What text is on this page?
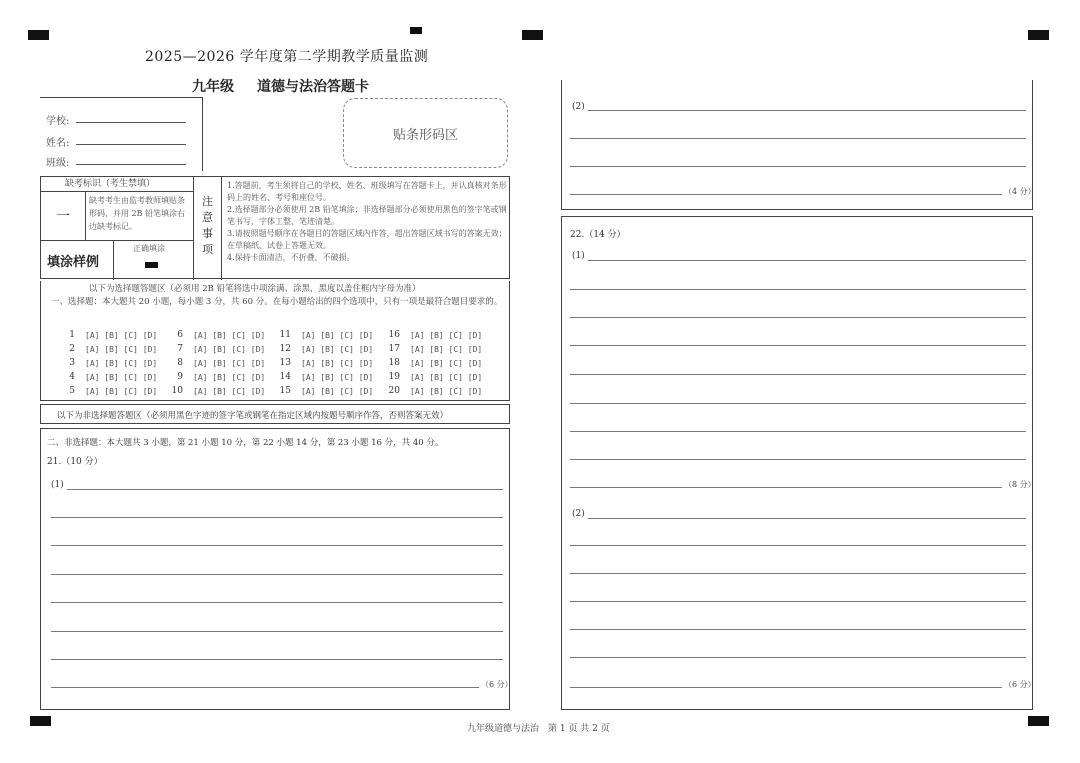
2025—2026 学年度第二学期教学质量监测
九年级 道德与法治答题卡
学校:
姓名:
班级:
贴条形码区
缺考标识（考生禁填）
一
缺考考生由监考教师填贴条形码，并用 2B 铅笔填涂右边缺考标记。
填涂样例
正确填涂
注
意
事
项
1.答题前，考生须将自己的学校、姓名、班级填写在答题卡上，并认真核对条形码上的姓名、考号和座位号。
2.选择题部分必须使用 2B 铅笔填涂；非选择题部分必须使用黑色的签字笔或钢笔书写，字体工整、笔迹清楚。
3.请按照题号顺序在各题目的答题区域内作答，超出答题区域书写的答案无效；在草稿纸、试卷上答题无效。
4.保持卡面清洁，不折叠，不破损。
以下为选择题答题区（必须用 2B 铅笔将选中项涂满、涂黑，黑度以盖住框内字母为准）
一、选择题：本大题共 20 小题，每小题 3 分，共 60 分。在每小题给出的四个选项中，只有一项是最符合题目要求的。
1 [A] [B] [C] [D]
2 [A] [B] [C] [D]
3 [A] [B] [C] [D]
4 [A] [B] [C] [D]
5 [A] [B] [C] [D]
6 [A] [B] [C] [D]
7 [A] [B] [C] [D]
8 [A] [B] [C] [D]
9 [A] [B] [C] [D]
10 [A] [B] [C] [D]
11 [A] [B] [C] [D]
12 [A] [B] [C] [D]
13 [A] [B] [C] [D]
14 [A] [B] [C] [D]
15 [A] [B] [C] [D]
16 [A] [B] [C] [D]
17 [A] [B] [C] [D]
18 [A] [B] [C] [D]
19 [A] [B] [C] [D]
20 [A] [B] [C] [D]
以下为非选择题答题区（必须用黑色字迹的签字笔或钢笔在指定区域内按题号顺序作答，否则答案无效）
二、非选择题：本大题共 3 小题，第 21 小题 10 分，第 22 小题 14 分，第 23 小题 16 分，共 40 分。
21.（10 分）
(1)
（6 分）
(2)
（4 分）
22.（14 分）
(1)
（8 分）
(2)
（6 分）
九年级道德与法治　第 1 页 共 2 页
